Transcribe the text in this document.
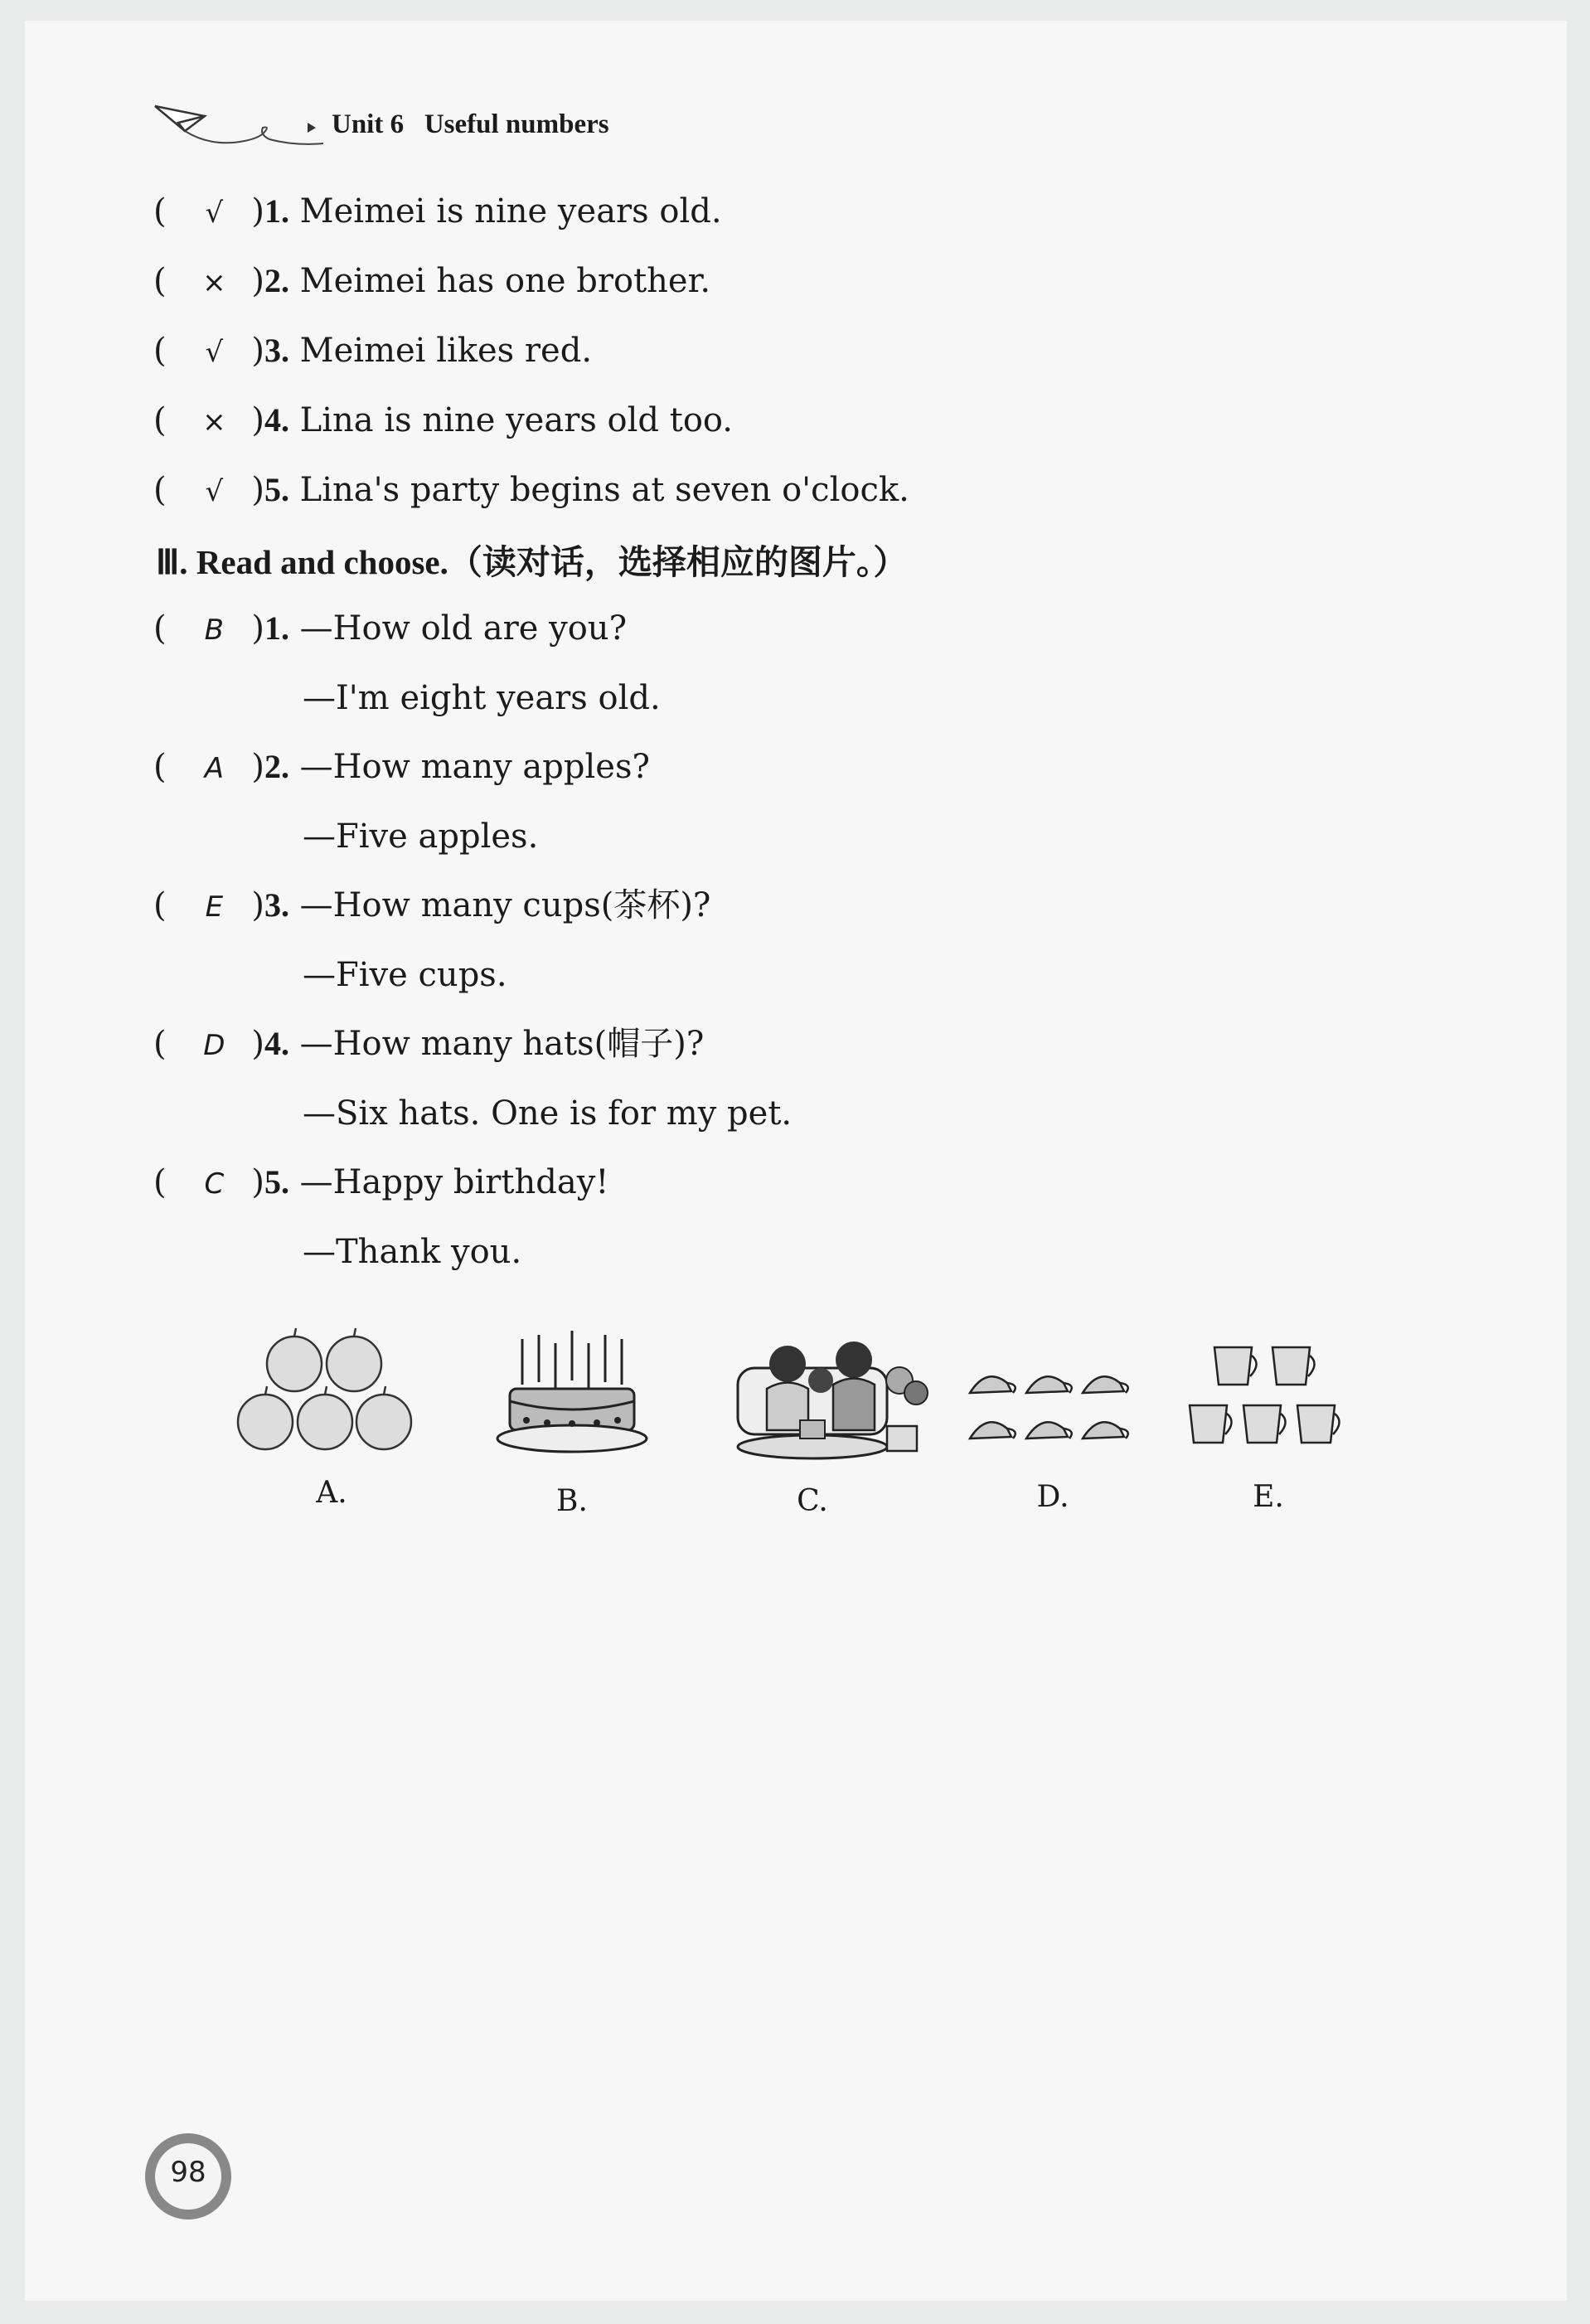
Unit 6 Useful numbers
( √ )1. Meimei is nine years old.
( × )2. Meimei has one brother.
( √ )3. Meimei likes red.
( × )4. Lina is nine years old too.
( √ )5. Lina's party begins at seven o'clock.
Ⅲ. Read and choose.（读对话，选择相应的图片。）
( B )1. —How old are you?
—I'm eight years old.
( A )2. —How many apples?
—Five apples.
( E )3. —How many cups(茶杯)?
—Five cups.
( D )4. —How many hats(帽子)?
—Six hats. One is for my pet.
( C )5. —Happy birthday!
—Thank you.
A.	B.	C.	D.	E.
98
